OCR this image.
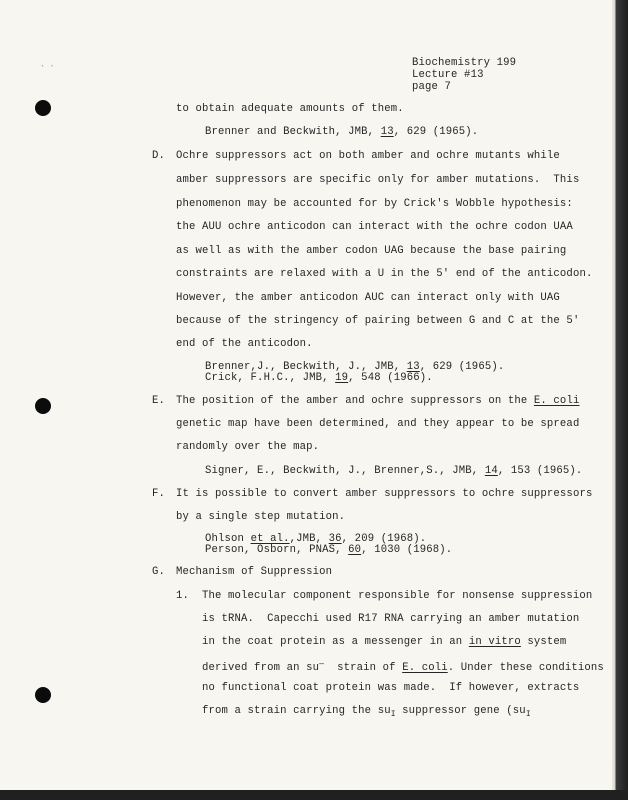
ˎ ˎ	Biochemistry 199
Lecture #13
page 7
to obtain adequate amounts of them.
Brenner and Beckwith, JMB, 13, 629 (1965).
D. Ochre suppressors act on both amber and ochre mutants while
amber suppressors are specific only for amber mutations.  This
phenomenon may be accounted for by Crick's Wobble hypothesis:
the AUU ochre anticodon can interact with the ochre codon UAA
as well as with the amber codon UAG because the base pairing
constraints are relaxed with a U in the 5' end of the anticodon.
However, the amber anticodon AUC can interact only with UAG
because of the stringency of pairing between G and C at the 5'
end of the anticodon.
Brenner,J., Beckwith, J., JMB, 13, 629 (1965).
Crick, F.H.C., JMB, 19, 548 (1966).
E. The position of the amber and ochre suppressors on the E. coli
genetic map have been determined, and they appear to be spread
randomly over the map.
Signer, E., Beckwith, J., Brenner,S., JMB, 14, 153 (1965).
F. It is possible to convert amber suppressors to ochre suppressors
by a single step mutation.
Ohlson et al.,JMB, 36, 209 (1968).
Person, Osborn, PNAS, 60, 1030 (1968).
G. Mechanism of Suppression
1. The molecular component responsible for nonsense suppression
is tRNA.  Capecchi used R17 RNA carrying an amber mutation
in the coat protein as a messenger in an in vitro system
derived from an su—  strain of E. coli. Under these conditions
no functional coat protein was made.  If however, extracts
from a strain carrying the $su_I$ suppressor gene ($su_I$
